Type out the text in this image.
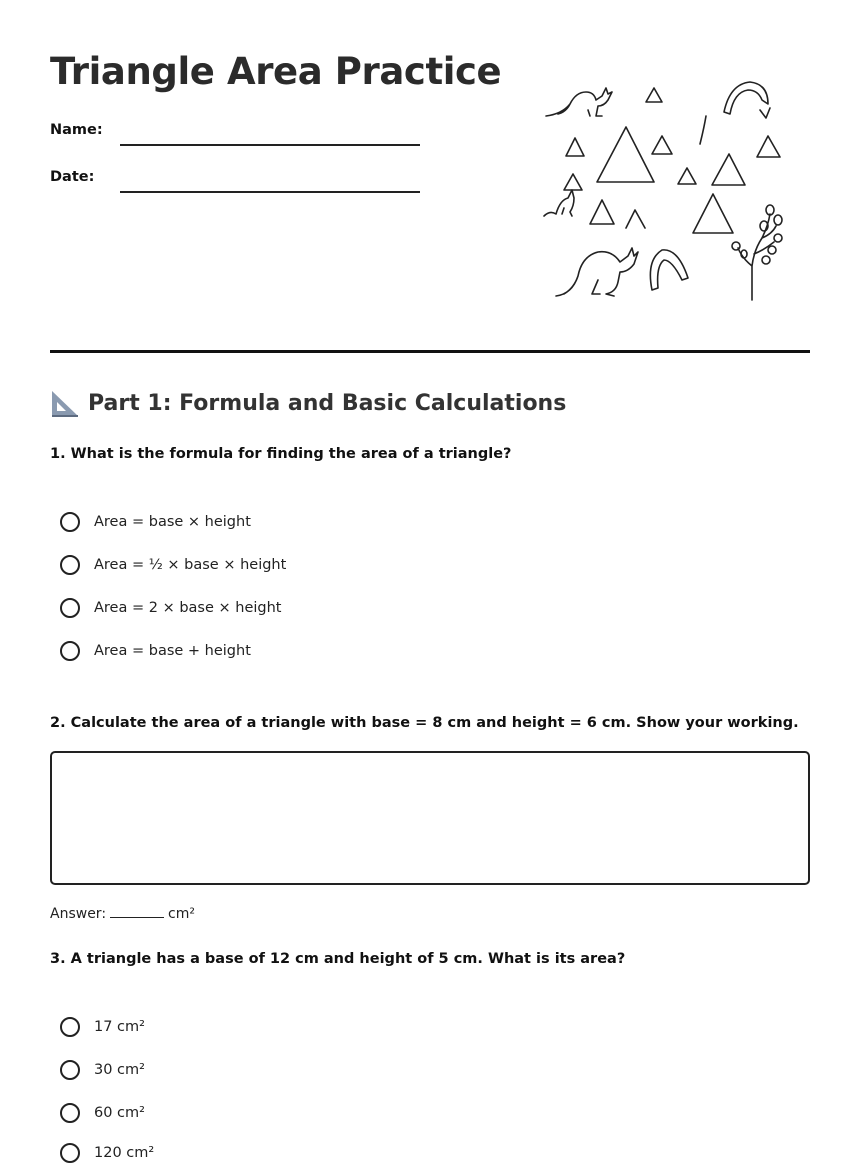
Triangle Area Practice
Name:
Date:
Part 1: Formula and Basic Calculations

1. What is the formula for finding the area of a triangle?

Area = base × height
Area = ½ × base × height
Area = 2 × base × height
Area = base + height

2. Calculate the area of a triangle with base = 8 cm and height = 6 cm. Show your working.

Answer:	cm²

3. A triangle has a base of 12 cm and height of 5 cm. What is its area?

17 cm²
30 cm²
60 cm²
120 cm²
